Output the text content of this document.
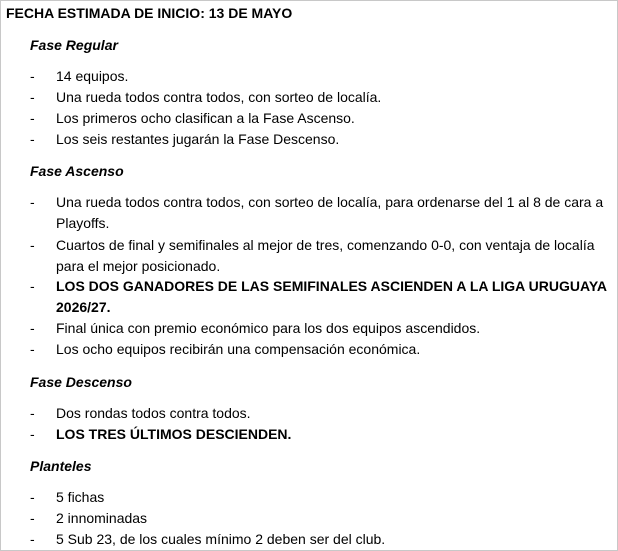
FECHA ESTIMADA DE INICIO: 13 DE MAYO
Fase Regular
- 14 equipos.
- Una rueda todos contra todos, con sorteo de localía.
- Los primeros ocho clasifican a la Fase Ascenso.
- Los seis restantes jugarán la Fase Descenso.
Fase Ascenso
- Una rueda todos contra todos, con sorteo de localía, para ordenarse del 1 al 8 de cara a Playoffs.
- Cuartos de final y semifinales al mejor de tres, comenzando 0-0, con ventaja de localía para el mejor posicionado.
- LOS DOS GANADORES DE LAS SEMIFINALES ASCIENDEN A LA LIGA URUGUAYA 2026/27.
- Final única con premio económico para los dos equipos ascendidos.
- Los ocho equipos recibirán una compensación económica.
Fase Descenso
- Dos rondas todos contra todos.
- LOS TRES ÚLTIMOS DESCIENDEN.
Planteles
- 5 fichas
- 2 innominadas
- 5 Sub 23, de los cuales mínimo 2 deben ser del club.
